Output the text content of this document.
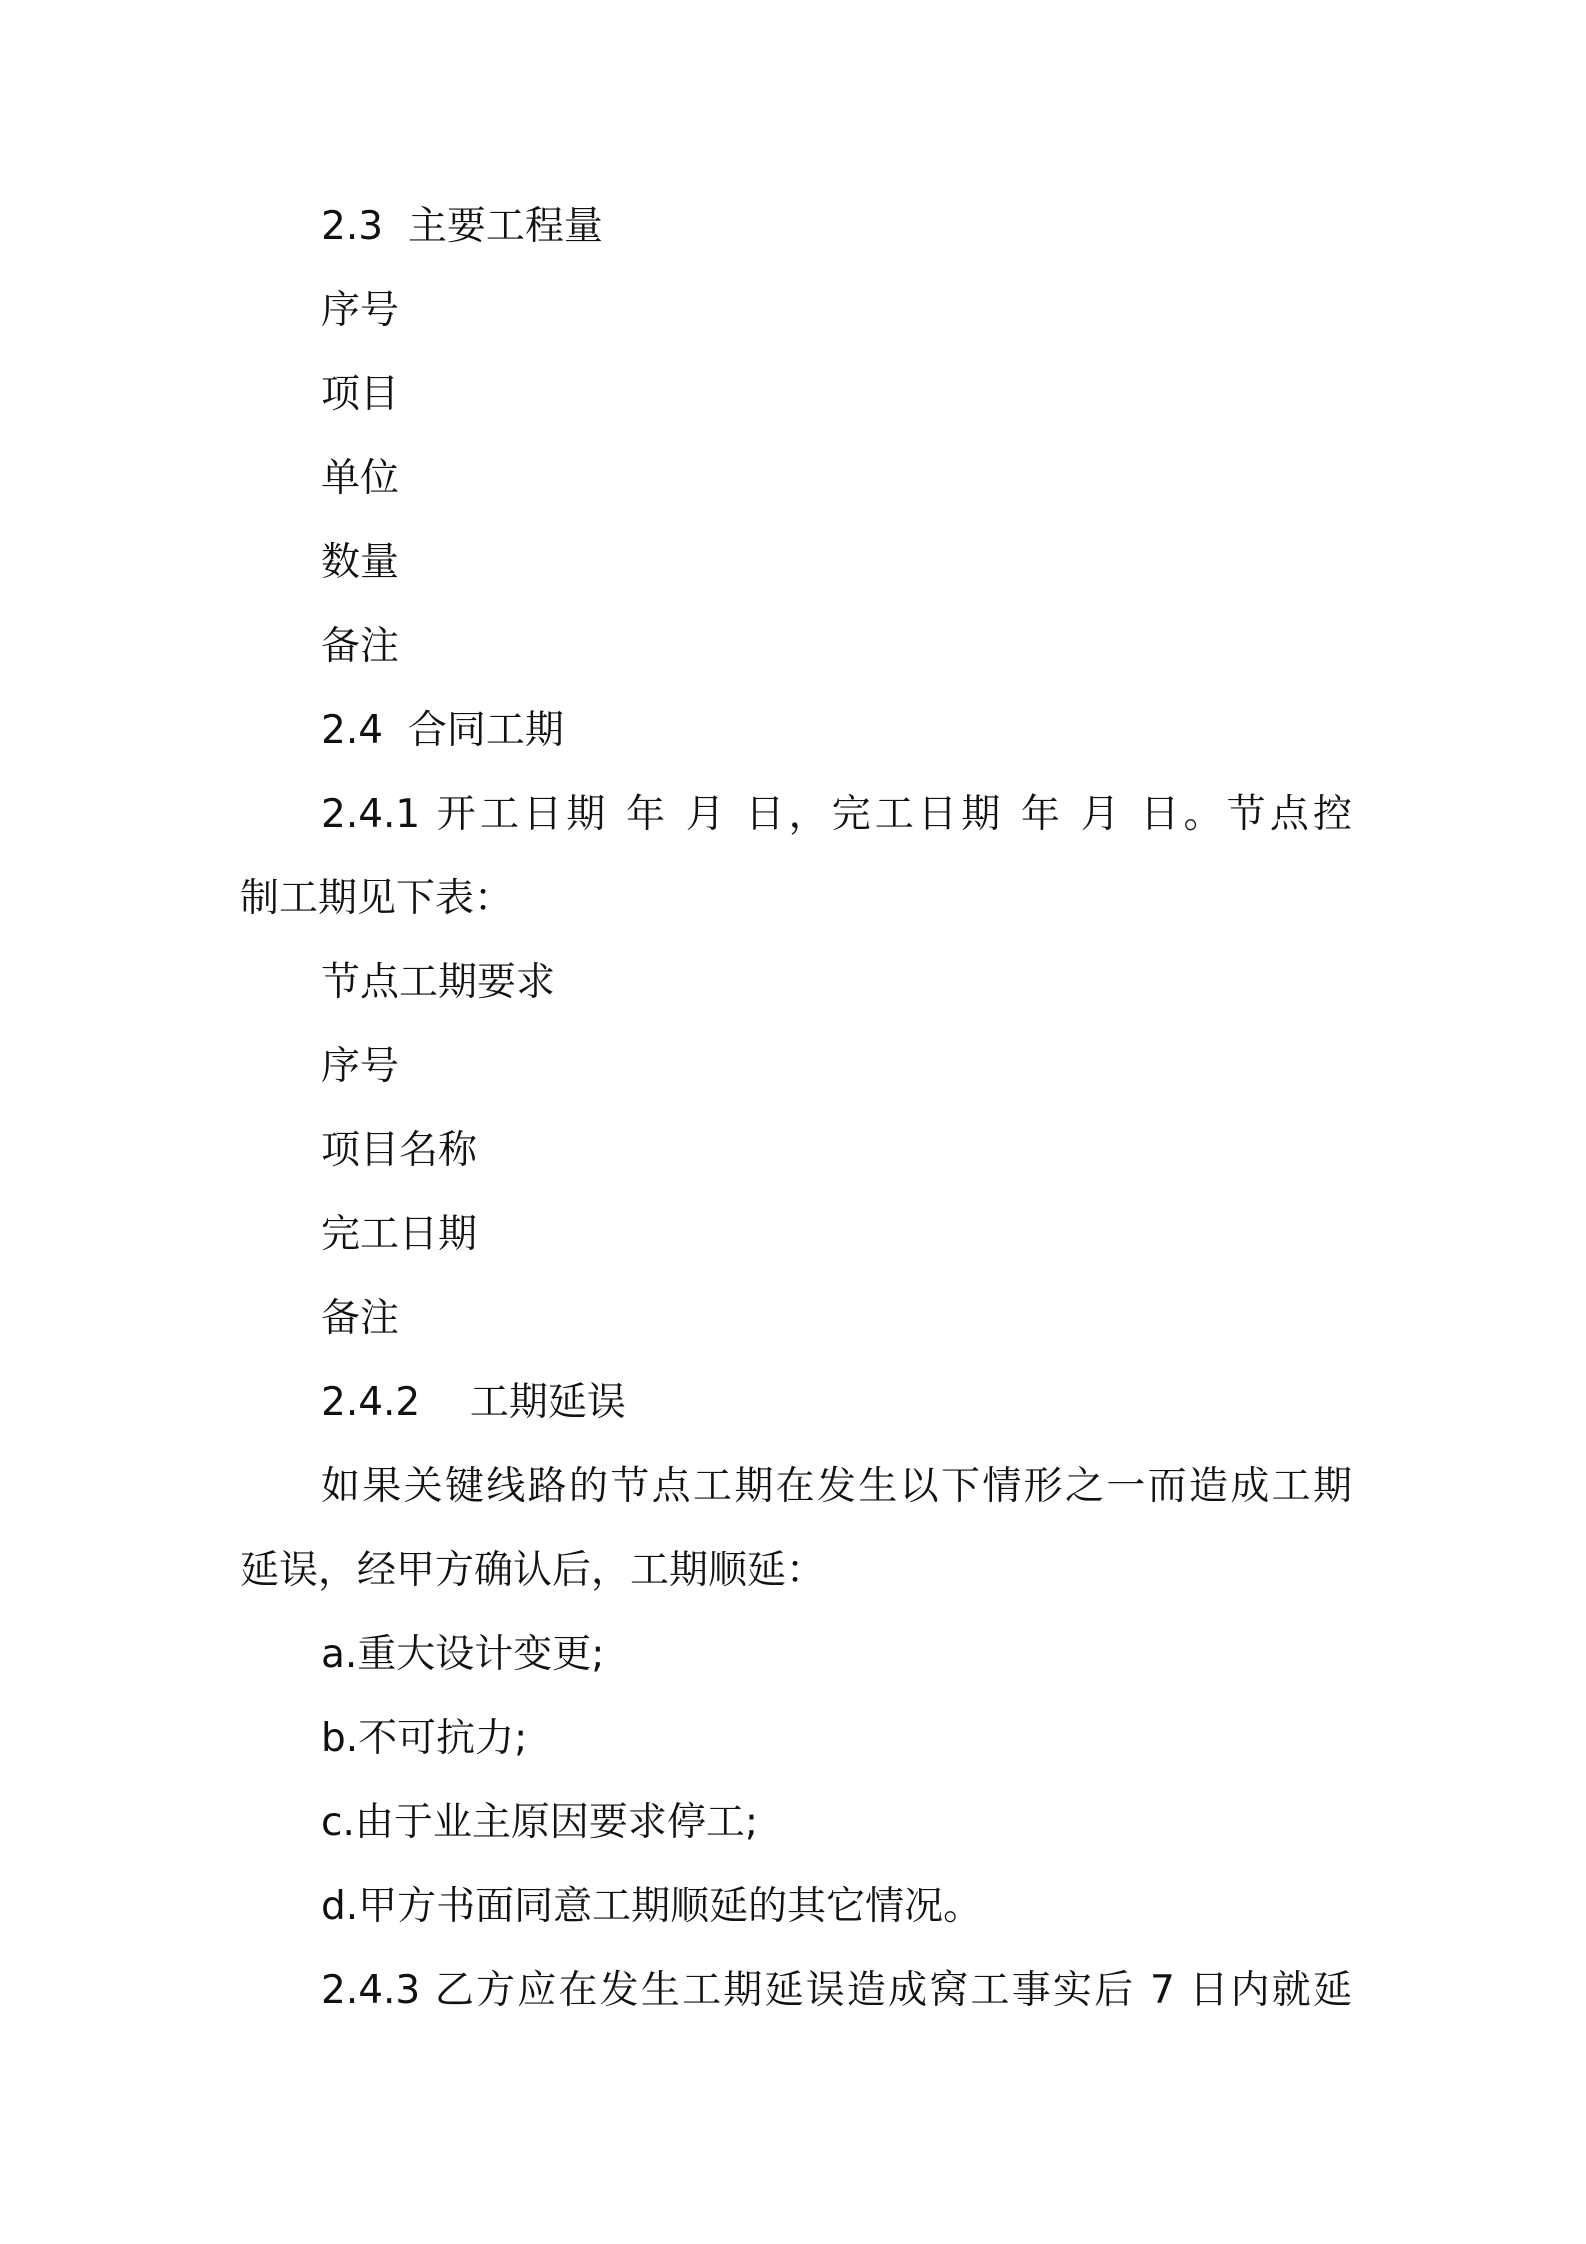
2.3  主要工程量
序号
项目
单位
数量
备注
2.4  合同工期
2.4.1 开工日期 年 月 日，完工日期 年 月 日。节点控
制工期见下表：
节点工期要求
序号
项目名称
完工日期
备注
2.4.2    工期延误
如果关键线路的节点工期在发生以下情形之一而造成工期
延误，经甲方确认后，工期顺延：
a.重大设计变更;
b.不可抗力;
c.由于业主原因要求停工;
d.甲方书面同意工期顺延的其它情况。
2.4.3 乙方应在发生工期延误造成窝工事实后 7 日内就延
